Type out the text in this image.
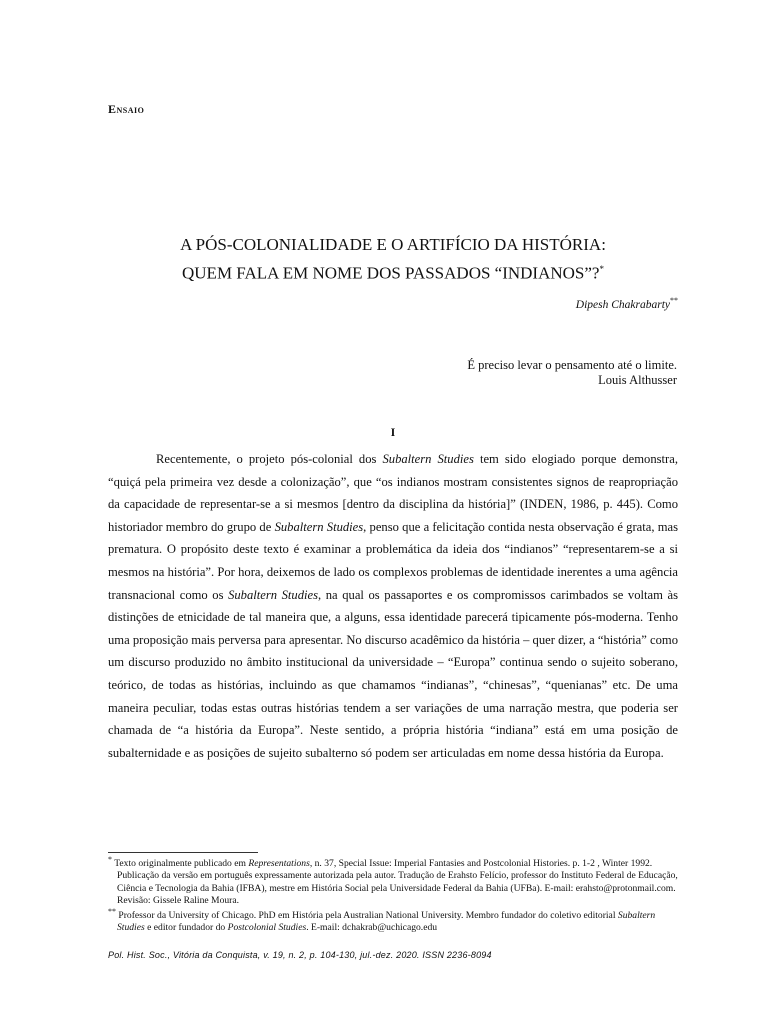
Ensaio
A PÓS-COLONIALIDADE E O ARTIFÍCIO DA HISTÓRIA:
QUEM FALA EM NOME DOS PASSADOS “INDIANOS”?*
Dipesh Chakrabarty**
É preciso levar o pensamento até o limite.
Louis Althusser
I

Recentemente, o projeto pós-colonial dos Subaltern Studies tem sido elogiado porque demonstra, “quiçá pela primeira vez desde a colonização”, que “os indianos mostram consistentes signos de reapropriação da capacidade de representar-se a si mesmos [dentro da disciplina da história]” (INDEN, 1986, p. 445). Como historiador membro do grupo de Subaltern Studies, penso que a felicitação contida nesta observação é grata, mas prematura. O propósito deste texto é examinar a problemática da ideia dos “indianos” “representarem-se a si mesmos na história”. Por hora, deixemos de lado os complexos problemas de identidade inerentes a uma agência transnacional como os Subaltern Studies, na qual os passaportes e os compromissos carimbados se voltam às distinções de etnicidade de tal maneira que, a alguns, essa identidade parecerá tipicamente pós-moderna. Tenho uma proposição mais perversa para apresentar. No discurso acadêmico da história – quer dizer, a “história” como um discurso produzido no âmbito institucional da universidade – “Europa” continua sendo o sujeito soberano, teórico, de todas as histórias, incluindo as que chamamos “indianas”, “chinesas”, “quenianas” etc. De uma maneira peculiar, todas estas outras histórias tendem a ser variações de uma narração mestra, que poderia ser chamada de “a história da Europa”. Neste sentido, a própria história “indiana” está em uma posição de subalternidade e as posições de sujeito subalterno só podem ser articuladas em nome dessa história da Europa.

* Texto originalmente publicado em Representations, n. 37, Special Issue: Imperial Fantasies and Postcolonial Histories. p. 1-2 , Winter 1992. Publicação da versão em português expressamente autorizada pela autor. Tradução de Erahsto Felício, professor do Instituto Federal de Educação, Ciência e Tecnologia da Bahia (IFBA), mestre em História Social pela Universidade Federal da Bahia (UFBa). E-mail: erahsto@protonmail.com. Revisão: Gissele Raline Moura.

** Professor da University of Chicago. PhD em História pela Australian National University. Membro fundador do coletivo editorial Subaltern Studies e editor fundador do Postcolonial Studies. E-mail: dchakrab@uchicago.edu

Pol. Hist. Soc., Vitória da Conquista, v. 19, n. 2, p. 104-130, jul.-dez. 2020. ISSN 2236-8094
